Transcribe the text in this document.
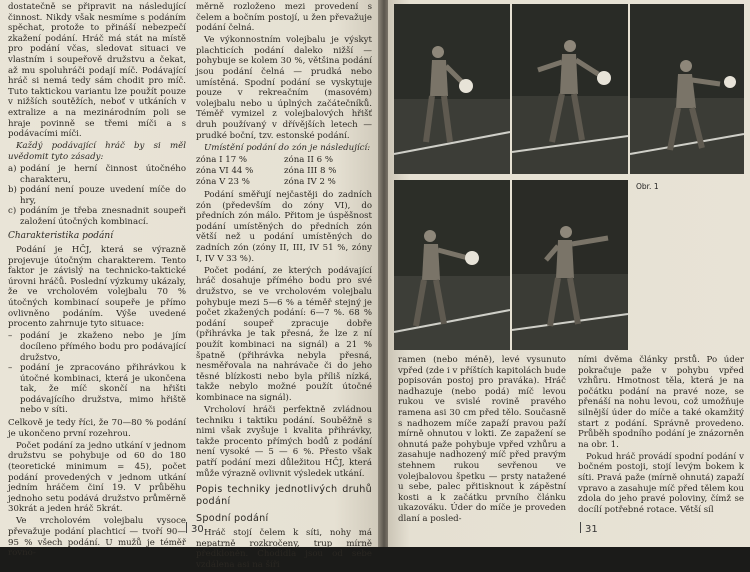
dostatečně se připravit na následující činnost. Nikdy však nesmíme s podáním spěchat, protože to přináší nebezpečí zkažení podání. Hráč má stát na místě pro podání včas, sledovat situaci ve vlastním i soupeřově družstvu a čekat, až mu spoluhráči podají míč. Podávající hráč si nemá tedy sám chodit pro míč. Tuto taktickou variantu lze použít pouze v nižších soutěžích, neboť v utkáních v extralize a na mezinárodním poli se hraje povinně se třemi míči a s podávacími míči.

Každý podávající hráč by si měl uvědomit tyto zásady:

a) podání je herní činnost útočného charakteru,
b) podání není pouze uvedení míče do hry,
c) podáním je třeba znesnadnit soupeři založení útočných kombinací.
Charakteristika podání

Podání je HČJ, která se výrazně projevuje útočným charakterem. Tento faktor je závislý na technicko-taktické úrovni hráčů. Poslední výzkumy ukázaly, že ve vrcholovém volejbalu 70 % útočných kombinací soupeře je přímo ovlivněno podáním. Výše uvedené procento zahrnuje tyto situace:

– podání je zkaženo nebo je jím docíleno přímého bodu pro podávající družstvo,
– podání je zpracováno přihrávkou k útočné kombinaci, která je ukončena tak, že míč skončí na hřišti podávajícího družstva, mimo hřiště nebo v síti.

Celkově je tedy říci, že 70—80 % podání je ukončeno první rozehrou.

Počet podání za jedno utkání v jednom družstvu se pohybuje od 60 do 180 (teoretické minimum = 45), počet podání provedených v jednom utkání jedním hráčem činí 19. V průběhu jednoho setu podává družstvo průměrně 30krát a jeden hráč 5krát.

Ve vrcholovém volejbalu vysoce převažuje podání plachticí — tvoří 90—95 % všech podání. U mužů je téměř rovno-

měrně rozloženo mezi provedení s čelem a bočním postojí, u žen převažuje podání čelná.

Ve výkonnostním volejbalu je výskyt plachticích podání daleko nižší — pohybuje se kolem 30 %, většina podání jsou podání čelná — prudká nebo umístěná. Spodní podání se vyskytuje pouze v rekreačním (masovém) volejbalu nebo u úplných začátečníků. Téměř vymizel z volejbalových hřišť druh používaný v dřívějších letech — prudké boční, tzv. estonské podání.

Umístění podání do zón je následující:

zóna I 17 %	zóna II 6 %
zóna VI 44 %	zóna III 8 %
zóna V 23 %	zóna IV 2 %

Podání směřují nejčastěji do zadních zón (především do zóny VI), do předních zón málo. Přitom je úspěšnost podání umístěných do předních zón větší než u podání umístěných do zadních zón (zóny II, III, IV 51 %, zóny I, IV V 33 %).

Počet podání, ze kterých podávající hráč dosahuje přímého bodu pro své družstvo, se ve vrcholovém volejbalu pohybuje mezi 5—6 % a téměř stejný je počet zkažených podání: 6—7 %. 68 % podání soupeř zpracuje dobře (přihrávka je tak přesná, že lze z ní použít kombinaci na signál) a 21 % špatně (přihrávka nebyla přesná, nesměřovala na nahrávače či do jeho těsné blízkosti nebo byla příliš nízká, takže nebylo možné použít útočné kombinace na signál).

Vrcholoví hráči perfektně zvládnou techniku i taktiku podání. Souběžně s nimi však zvyšuje i kvalita přihrávky, takže procento přímých bodů z podání není vysoké — 5 — 6 %. Přesto však patří podání mezi důležitou HČJ, která může výrazně ovlivnit výsledek utkání.

Popis techniky jednotlivých druhů podání
Spodní podání

Hráč stojí čelem k síti, nohy má nepatrně rozkročeny, trup mírně předkloněn. Chodidla jsou od sebe vzdálena asi na šíři

30
Obr. 1

ramen (nebo méně), levé vysunuto vpřed (zde i v příštích kapitolách bude popisován postoj pro praváka). Hráč nadhazuje (nebo podá) míč levou rukou ve svislé rovině pravého ramena asi 30 cm před tělo. Současně s nadhozem míče zapaží pravou paží mírně ohnutou v lokti. Ze zapažení se ohnutá paže pohybuje vpřed vzhůru a zasahuje nadhozený míč před pravým stehnem rukou sevřenou ve volejbalovou špetku — prsty natažené u sebe, palec přitisknout k zápěstní kosti a k začátku prvního článku ukazováku. Úder do míče je proveden dlaní a posled-

ními dvěma články prstů. Po úder pokračuje paže v pohybu vpřed vzhůru. Hmotnost těla, která je na počátku podání na pravé noze, se přenáší na nohu levou, což umožňuje silnější úder do míče a také okamžitý start z podání. Správně provedeno. Průběh spodního podání je znázorněn na obr. 1.

Pokud hráč provádí spodní podání v bočném postoji, stojí levým bokem k síti. Pravá paže (mírně ohnutá) zapaží vpravo a zasahuje míč před tělem kou zdola do jeho pravé poloviny, čímž se docílí potřebné rotace. Větší síl

31
